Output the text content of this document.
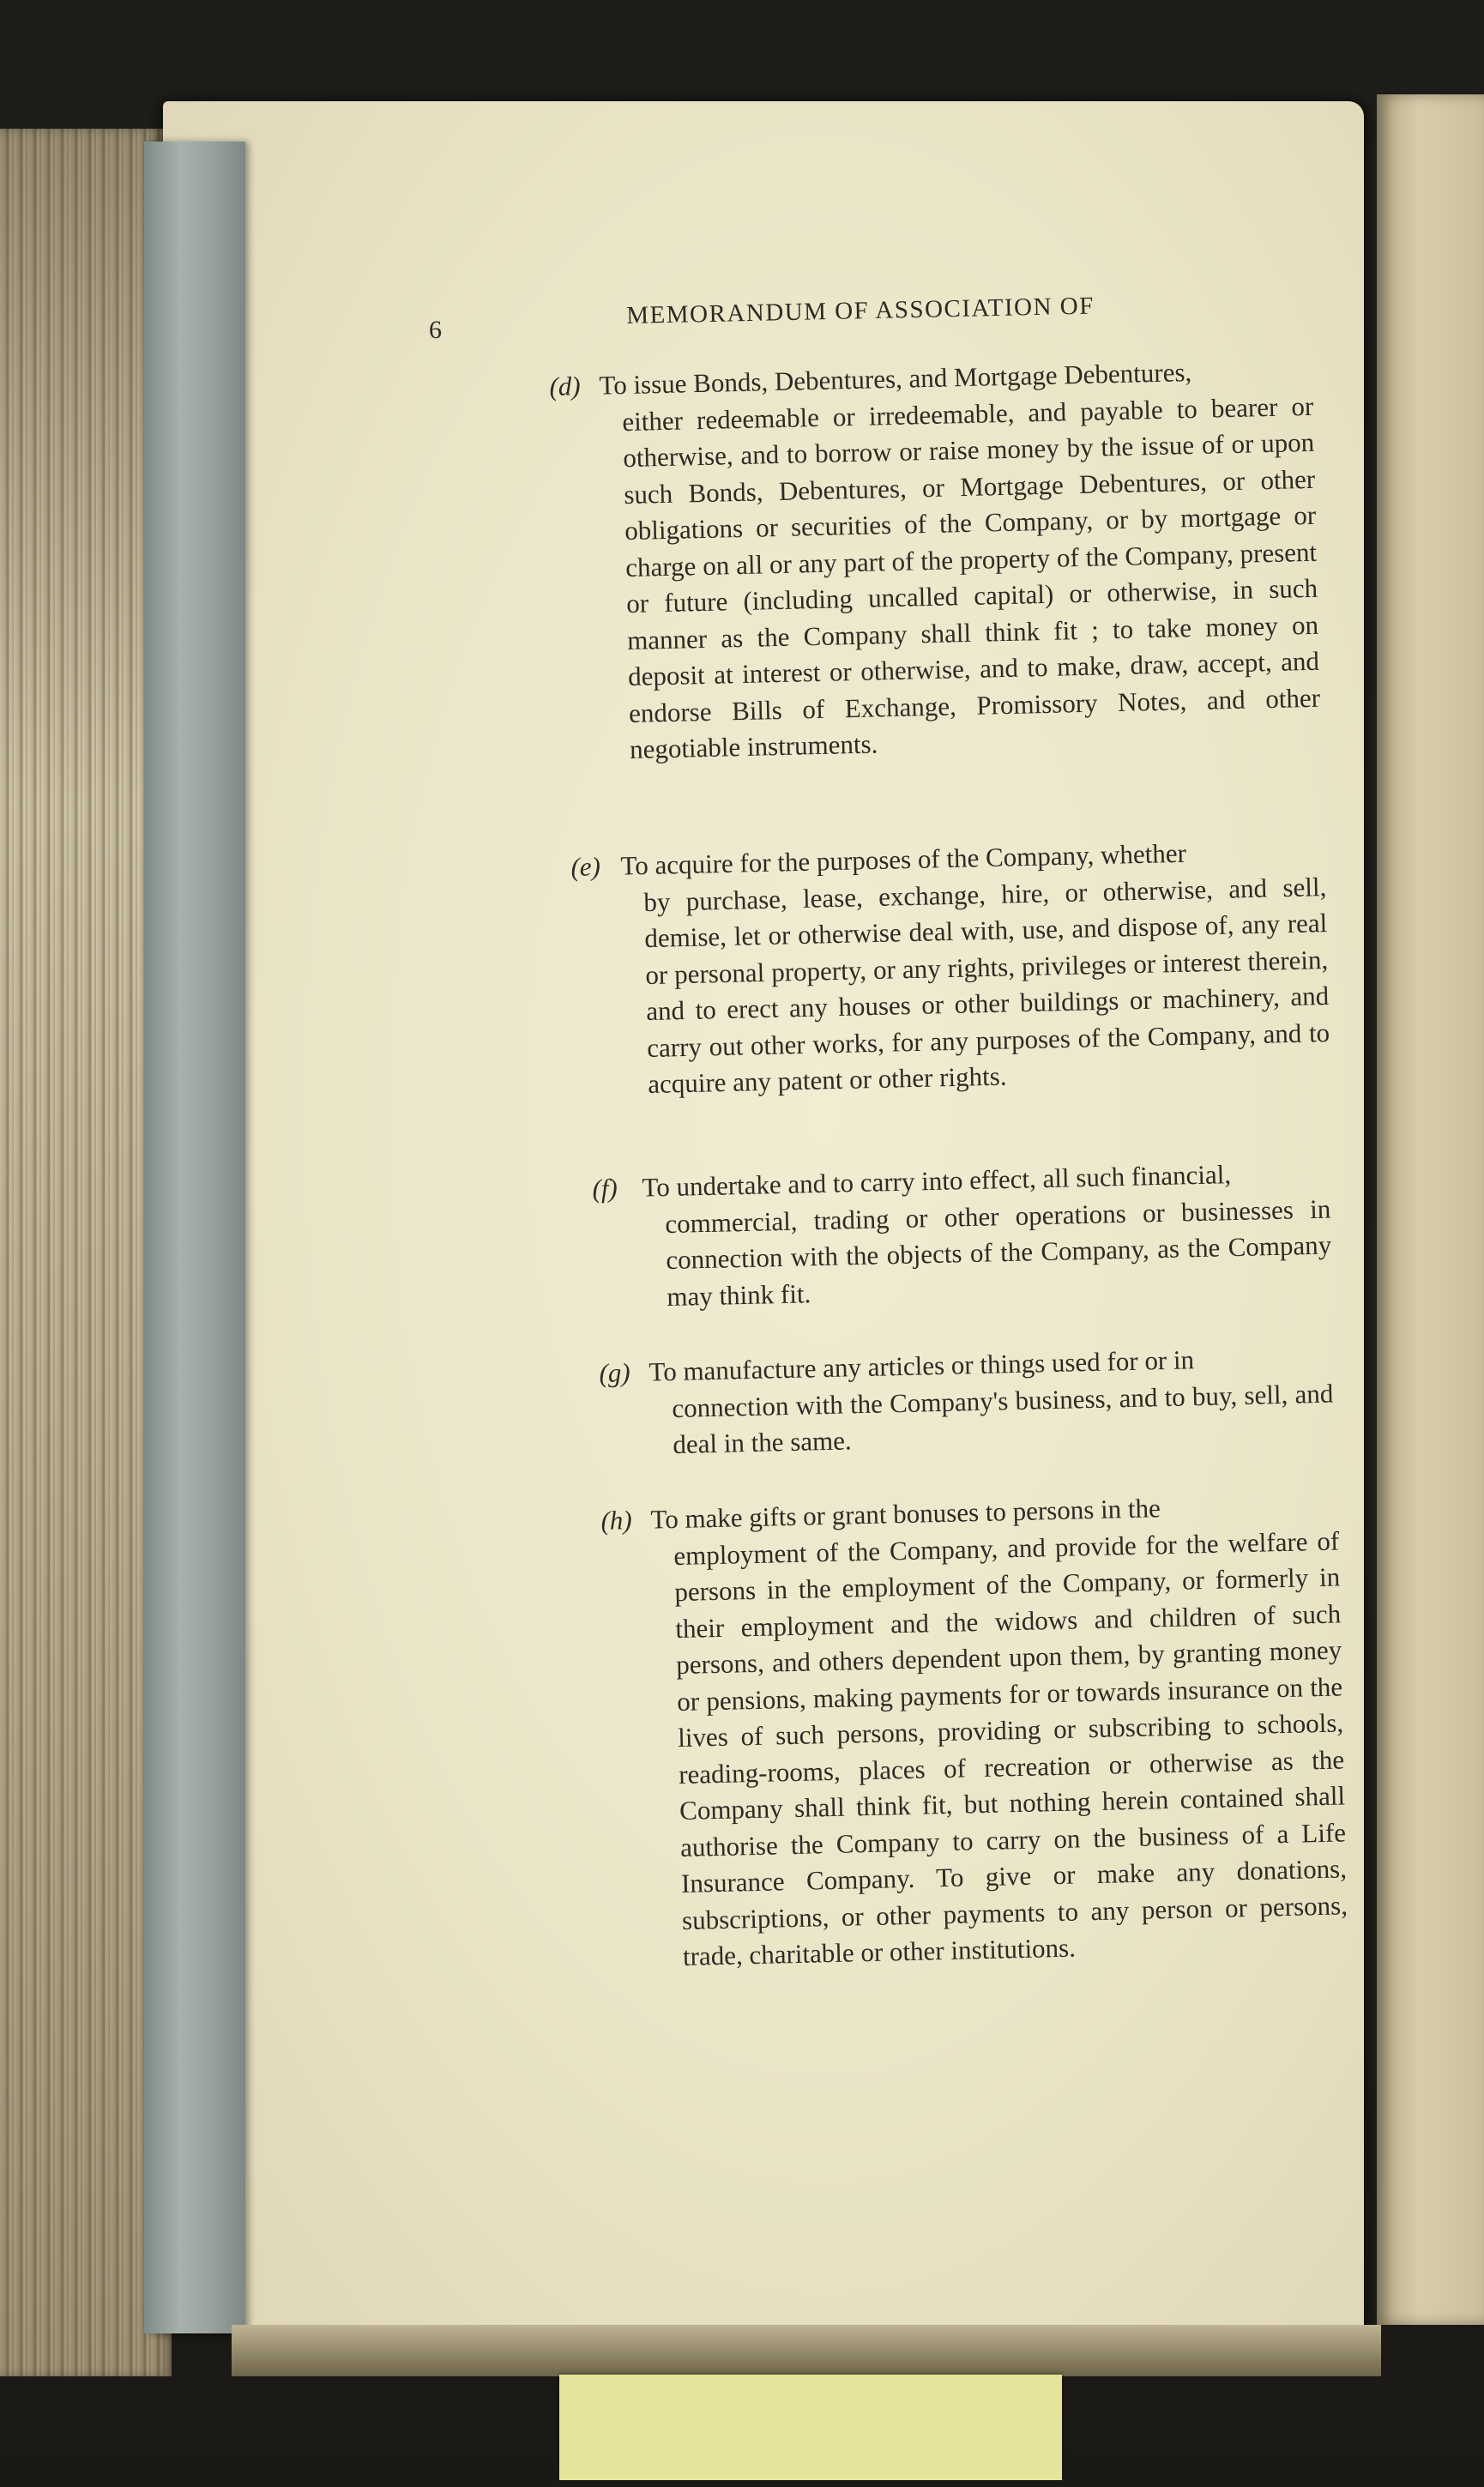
6
MEMORANDUM OF ASSOCIATION OF
(d) To issue Bonds, Debentures, and Mortgage Debentures,
either redeemable or irredeemable, and payable to bearer or otherwise, and to borrow or raise money by the issue of or upon such Bonds, Debentures, or Mortgage Debentures, or other obligations or securities of the Company, or by mortgage or charge on all or any part of the property of the Company, present or future (including uncalled capital) or otherwise, in such manner as the Company shall think fit ; to take money on deposit at interest or otherwise, and to make, draw, accept, and endorse Bills of Exchange, Promissory Notes, and other negotiable instruments.
(e) To acquire for the purposes of the Company, whether
by purchase, lease, exchange, hire, or otherwise, and sell, demise, let or otherwise deal with, use, and dispose of, any real or personal property, or any rights, privileges or interest therein, and to erect any houses or other buildings or machinery, and carry out other works, for any purposes of the Company, and to acquire any patent or other rights.
(f) To undertake and to carry into effect, all such financial,
commercial, trading or other operations or businesses in connection with the objects of the Company, as the Company may think fit.
(g) To manufacture any articles or things used for or in
connection with the Company's business, and to buy, sell, and deal in the same.
(h) To make gifts or grant bonuses to persons in the
employment of the Company, and provide for the welfare of persons in the employment of the Company, or formerly in their employment and the widows and children of such persons, and others dependent upon them, by granting money or pensions, making payments for or towards insurance on the lives of such persons, providing or subscribing to schools, reading-rooms, places of recreation or otherwise as the Company shall think fit, but nothing herein contained shall authorise the Company to carry on the business of a Life Insurance Company. To give or make any donations, subscriptions, or other payments to any person or persons, trade, charitable or other institutions.
